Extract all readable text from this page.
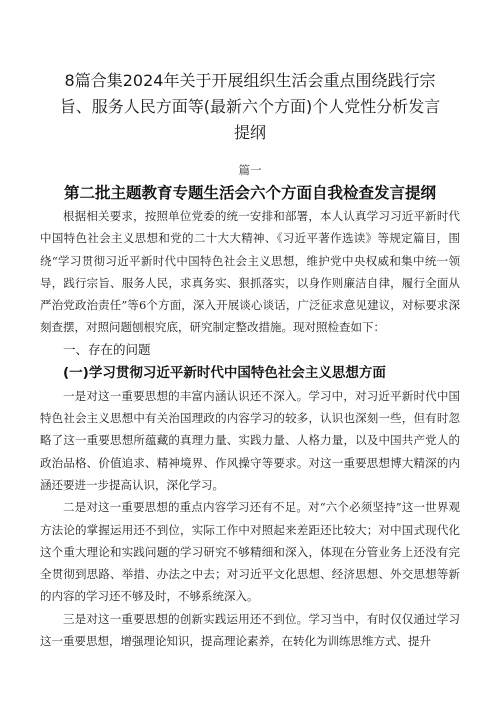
8篇合集2024年关于开展组织生活会重点围绕践行宗旨、服务人民方面等(最新六个方面)个人党性分析发言提纲
篇一
第二批主题教育专题生活会六个方面自我检查发言提纲

根据相关要求，按照单位党委的统一安排和部署，本人认真学习习近平新时代中国特色社会主义思想和党的二十大大精神、《习近平著作选读》等规定篇目，围绕“学习贯彻习近平新时代中国特色社会主义思想，维护党中央权威和集中统一领导，践行宗旨、服务人民，求真务实、狠抓落实，以身作则廉洁自律，履行全面从严治党政治责任”等6个方面，深入开展谈心谈话，广泛征求意见建议，对标要求深刻查摆，对照问题刨根究底，研究制定整改措施。现对照检查如下：

一、存在的问题

(一)学习贯彻习近平新时代中国特色社会主义思想方面

一是对这一重要思想的丰富内涵认识还不深入。学习中，对习近平新时代中国特色社会主义思想中有关治国理政的内容学习的较多，认识也深刻一些，但有时忽略了这一重要思想所蕴藏的真理力量、实践力量、人格力量，以及中国共产党人的政治品格、价值追求、精神境界、作风操守等要求。对这一重要思想博大精深的内涵还要进一步提高认识，深化学习。

二是对这一重要思想的重点内容学习还有不足。对“六个必须坚持”这一世界观方法论的掌握运用还不到位，实际工作中对照起来差距还比较大；对中国式现代化这个重大理论和实践问题的学习研究不够精细和深入，体现在分管业务上还没有完全贯彻到思路、举措、办法之中去；对习近平文化思想、经济思想、外交思想等新的内容的学习还不够及时，不够系统深入。

三是对这一重要思想的创新实践运用还不到位。学习当中，有时仅仅通过学习这一重要思想，增强理论知识，提高理论素养，在转化为训练思维方式、提升
